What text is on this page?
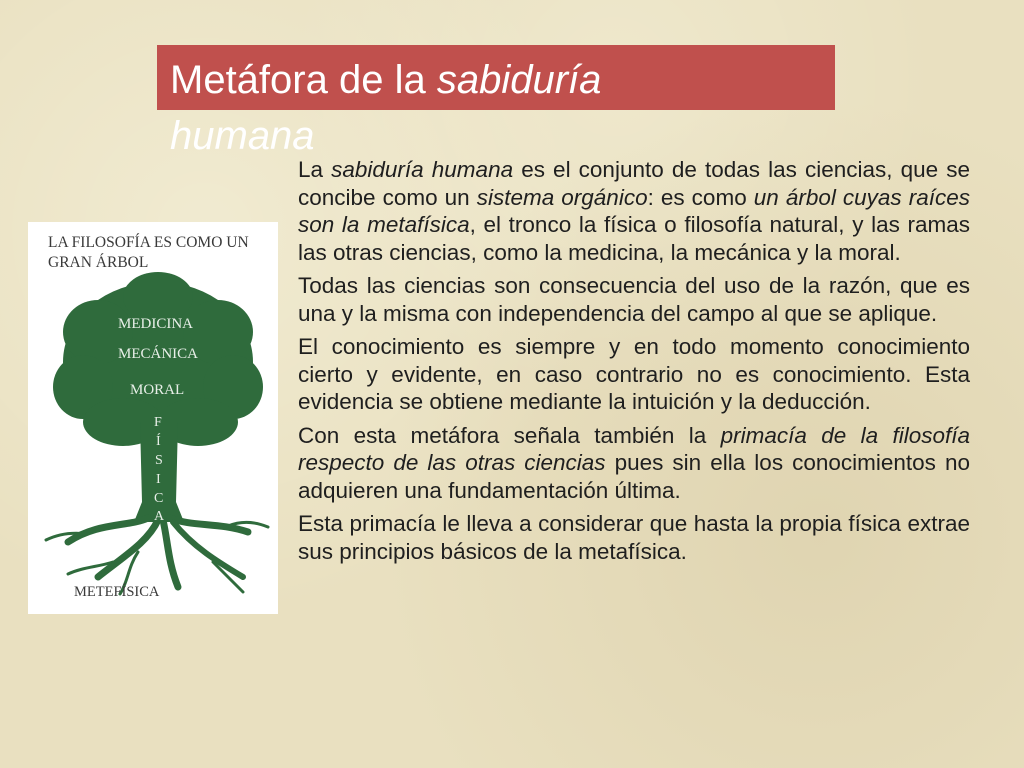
Metáfora de la sabiduría humana
LA FILOSOFÍA ES COMO UN
GRAN ÁRBOL
MEDICINA
MECÁNICA
MORAL
F
Í
S
I
C
A
METEFÍSICA

La sabiduría humana es el conjunto de todas las ciencias, que se concibe como un sistema orgánico: es como un árbol cuyas raíces son la metafísica, el tronco la física o filosofía natural, y las ramas las otras ciencias, como la medicina, la mecánica y la moral.

Todas las ciencias son consecuencia del uso de la razón, que es una y la misma con independencia del campo al que se aplique.

El conocimiento es siempre y en todo momento conocimiento cierto y evidente, en caso contrario no es conocimiento. Esta evidencia se obtiene mediante la intuición y la deducción.

Con esta metáfora señala también la primacía de la filosofía respecto de las otras ciencias pues sin ella los conocimientos no adquieren una fundamentación última.

Esta primacía le lleva a considerar que hasta la propia física extrae sus principios básicos de la metafísica.
